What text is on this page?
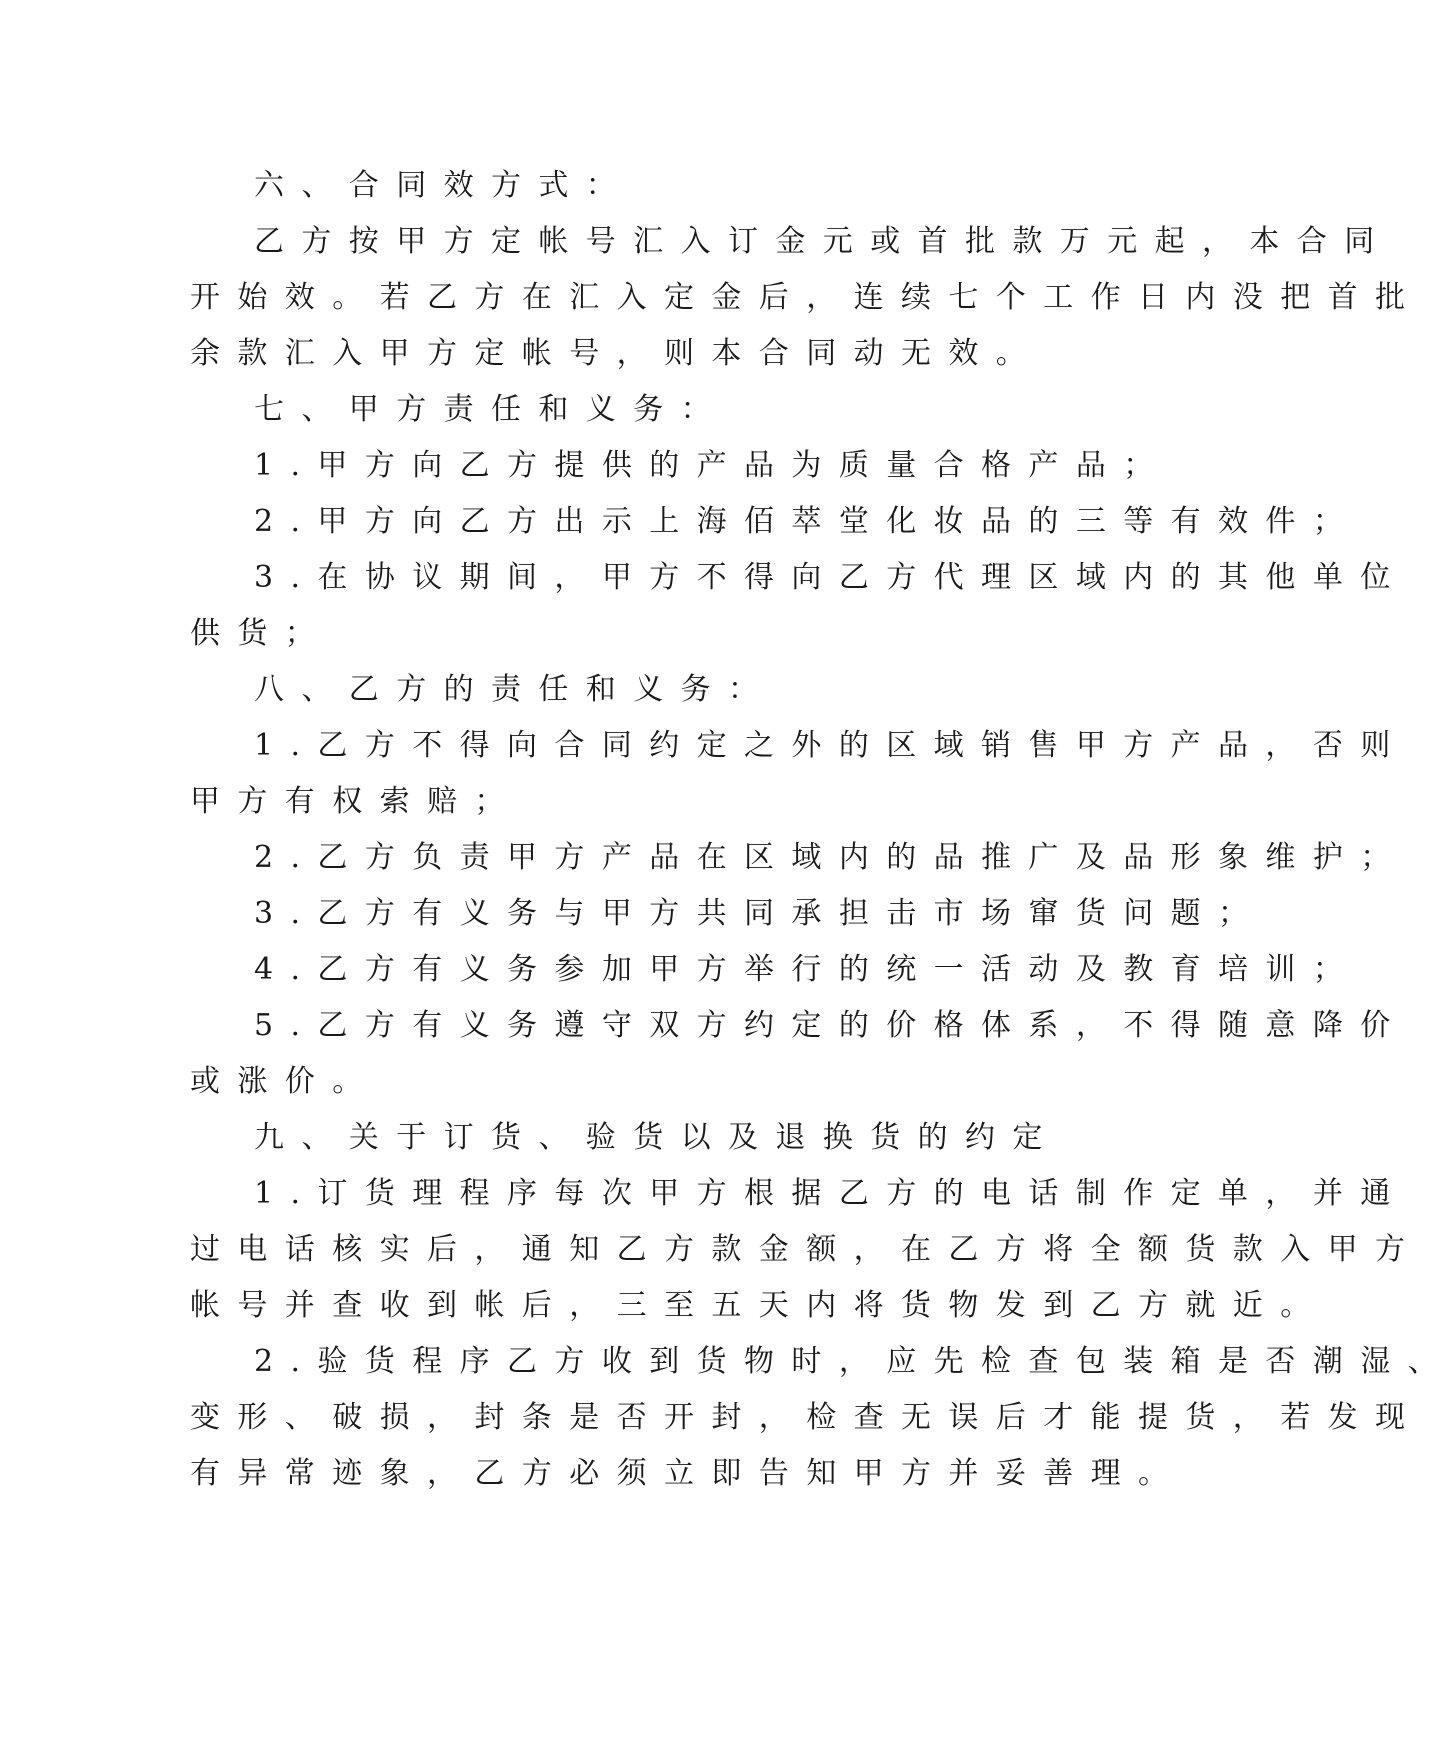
六、合同效方式：
乙方按甲方定帐号汇入订金元或首批款万元起，本合同
开始效。若乙方在汇入定金后，连续七个工作日内没把首批
余款汇入甲方定帐号，则本合同动无效。
七、甲方责任和义务：
1.甲方向乙方提供的产品为质量合格产品；
2.甲方向乙方出示上海佰萃堂化妆品的三等有效件；
3.在协议期间，甲方不得向乙方代理区域内的其他单位
供货；
八、乙方的责任和义务：
1.乙方不得向合同约定之外的区域销售甲方产品，否则
甲方有权索赔；
2.乙方负责甲方产品在区域内的品推广及品形象维护；
3.乙方有义务与甲方共同承担击市场窜货问题；
4.乙方有义务参加甲方举行的统一活动及教育培训；
5.乙方有义务遵守双方约定的价格体系，不得随意降价
或涨价。
九、关于订货、验货以及退换货的约定
1.订货理程序每次甲方根据乙方的电话制作定单，并通
过电话核实后，通知乙方款金额，在乙方将全额货款入甲方
帐号并查收到帐后，三至五天内将货物发到乙方就近。
2.验货程序乙方收到货物时，应先检查包装箱是否潮湿、
变形、破损，封条是否开封，检查无误后才能提货，若发现
有异常迹象，乙方必须立即告知甲方并妥善理。
